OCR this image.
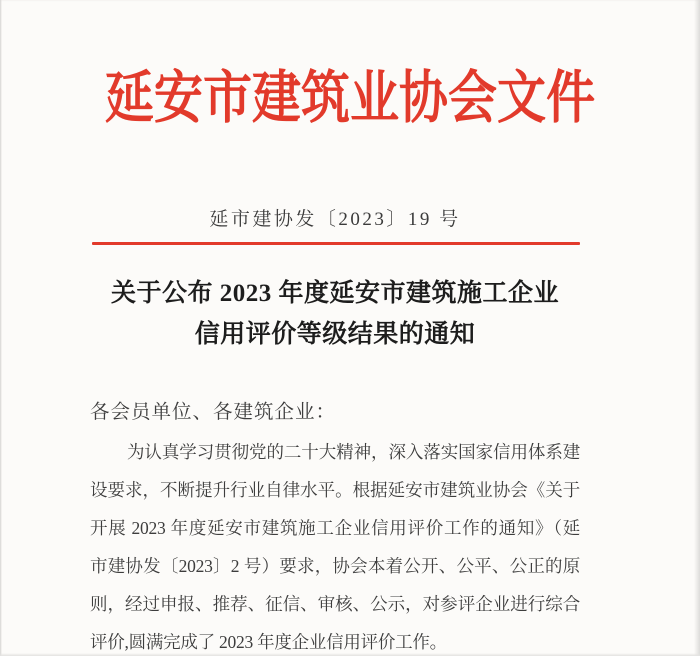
延安市建筑业协会文件
延市建协发〔2023〕19 号
关于公布 2023 年度延安市建筑施工企业
信用评价等级结果的通知
各会员单位、各建筑企业：
为认真学习贯彻党的二十大精神，深入落实国家信用体系建
设要求，不断提升行业自律水平。根据延安市建筑业协会《关于
开展 2023 年度延安市建筑施工企业信用评价工作的通知》（延
市建协发〔2023〕2 号）要求，协会本着公开、公平、公正的原
则，经过申报、推荐、征信、审核、公示，对参评企业进行综合
评价,圆满完成了 2023 年度企业信用评价工作。
